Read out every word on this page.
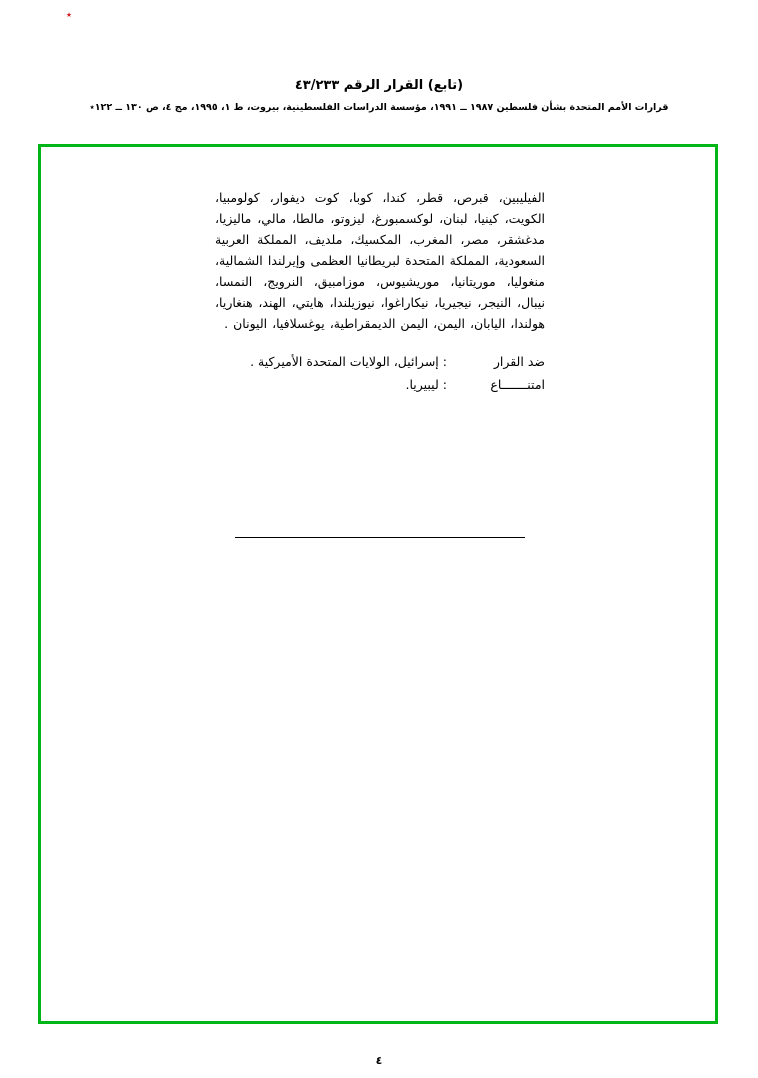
٭
(تابع) القرار الرقم ٤٣/٢٣٣
قرارات الأمم المتحدة بشأن فلسطين ١٩٨٧ ــ ١٩٩١، مؤسسة الدراسات الفلسطينية، بيروت، ط ١، ١٩٩٥، مج ٤، ص ١٣٠ ــ ١٢٢٭
الفيليبين، قبرص، قطر، كندا، كوبا، كوت ديفوار، كولومبيا، الكويت، كينيا، لبنان، لوكسمبورغ، ليزوتو، مالطا، مالي، ماليزيا، مدغشقر، مصر، المغرب، المكسيك، ملديف، المملكة العربية السعودية، المملكة المتحدة لبريطانيا العظمى وإيرلندا الشمالية، منغوليا، موريتانيا، موريشيوس، موزامبيق، النرويج، النمسا، نيبال، النيجر، نيجيريا، نيكاراغوا، نيوزيلندا، هايتي، الهند، هنغاريا، هولندا، اليابان، اليمن، اليمن الديمقراطية، يوغسلافيا، اليونان .
ضد القرار
:
إسرائيل، الولايات المتحدة الأميركية .
امتنـــــــاع
:
ليبيريا.
٤
